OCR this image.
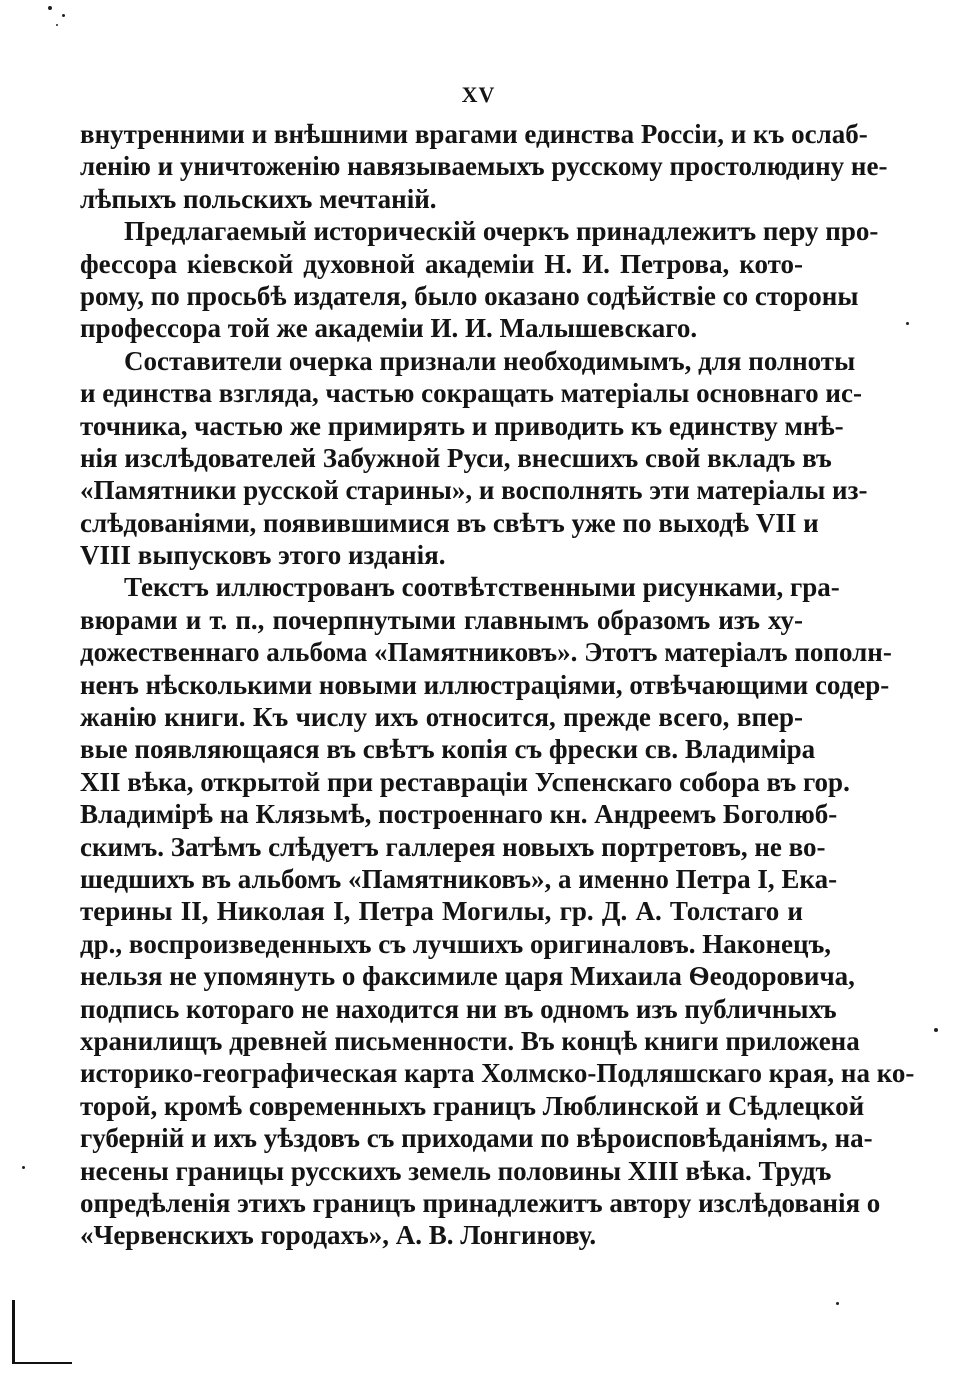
XV
внутренними и внѣшними врагами единства Россіи, и къ ослаб-
ленію и уничтоженію навязываемыхъ русскому простолюдину не-
лѣпыхъ польскихъ мечтаній.
Предлагаемый историческій очеркъ принадлежитъ перу про-
фессора кіевской духовной академіи Н. И. Петрова, кото-
рому, по просьбѣ издателя, было оказано содѣйствіе со стороны
профессора той же академіи И. И. Малышевскаго.
Составители очерка признали необходимымъ, для полноты
и единства взгляда, частью сокращать матеріалы основнаго ис-
точника, частью же примирять и приводить къ единству мнѣ-
нія изслѣдователей Забужной Руси, внесшихъ свой вкладъ въ
«Памятники русской старины», и восполнять эти матеріалы из-
слѣдованіями, появившимися въ свѣтъ уже по выходѣ VII и
VIII выпусковъ этого изданія.
Текстъ иллюстрованъ соотвѣтственными рисунками, гра-
вюрами и т. п., почерпнутыми главнымъ образомъ изъ ху-
дожественнаго альбома «Памятниковъ». Этотъ матеріалъ пополн-
ненъ нѣсколькими новыми иллюстраціями, отвѣчающими содер-
жанію книги. Къ числу ихъ относится, прежде всего, впер-
вые появляющаяся въ свѣтъ копія съ фрески св. Владиміра
XII вѣка, открытой при реставраціи Успенскаго собора въ гор.
Владимірѣ на Клязьмѣ, построеннаго кн. Андреемъ Боголюб-
скимъ. Затѣмъ слѣдуетъ галлерея новыхъ портретовъ, не во-
шедшихъ въ альбомъ «Памятниковъ», а именно Петра I, Ека-
терины II, Николая I, Петра Могилы, гр. Д. А. Толстаго и
др., воспроизведенныхъ съ лучшихъ оригиналовъ. Наконецъ,
нельзя не упомянуть о факсимиле царя Михаила Ѳеодоровича,
подпись котораго не находится ни въ одномъ изъ публичныхъ
хранилищъ древней письменности. Въ концѣ книги приложена
историко-географическая карта Холмско-Подляшскаго края, на ко-
торой, кромѣ современныхъ границъ Люблинской и Сѣдлецкой
губерній и ихъ уѣздовъ съ приходами по вѣроисповѣданіямъ, на-
несены границы русскихъ земель половины XIII вѣка. Трудъ
опредѣленія этихъ границъ принадлежитъ автору изслѣдованія о
«Червенскихъ городахъ», А. В. Лонгинову.
